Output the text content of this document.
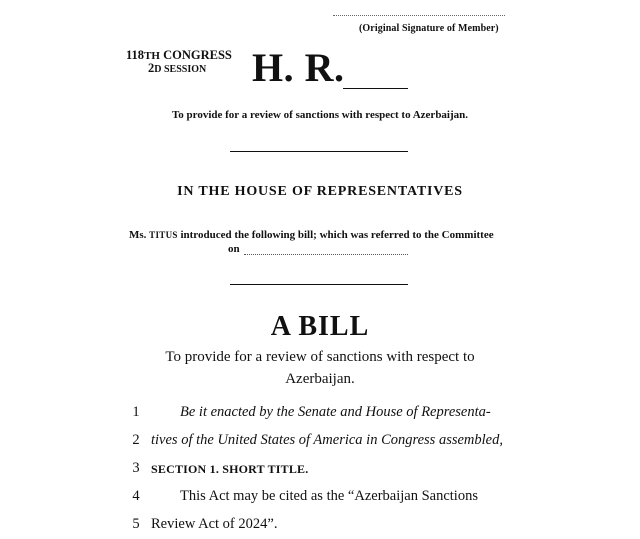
(Original Signature of Member)
118TH CONGRESS
2D SESSION H. R.
To provide for a review of sanctions with respect to Azerbaijan.
IN THE HOUSE OF REPRESENTATIVES
Ms. TITUS introduced the following bill; which was referred to the Committee
on
A BILL
To provide for a review of sanctions with respect to
Azerbaijan.
1	Be it enacted by the Senate and House of Representa-
2 tives of the United States of America in Congress assembled,
3 SECTION 1. SHORT TITLE.
4	This Act may be cited as the “Azerbaijan Sanctions
5 Review Act of 2024”.
